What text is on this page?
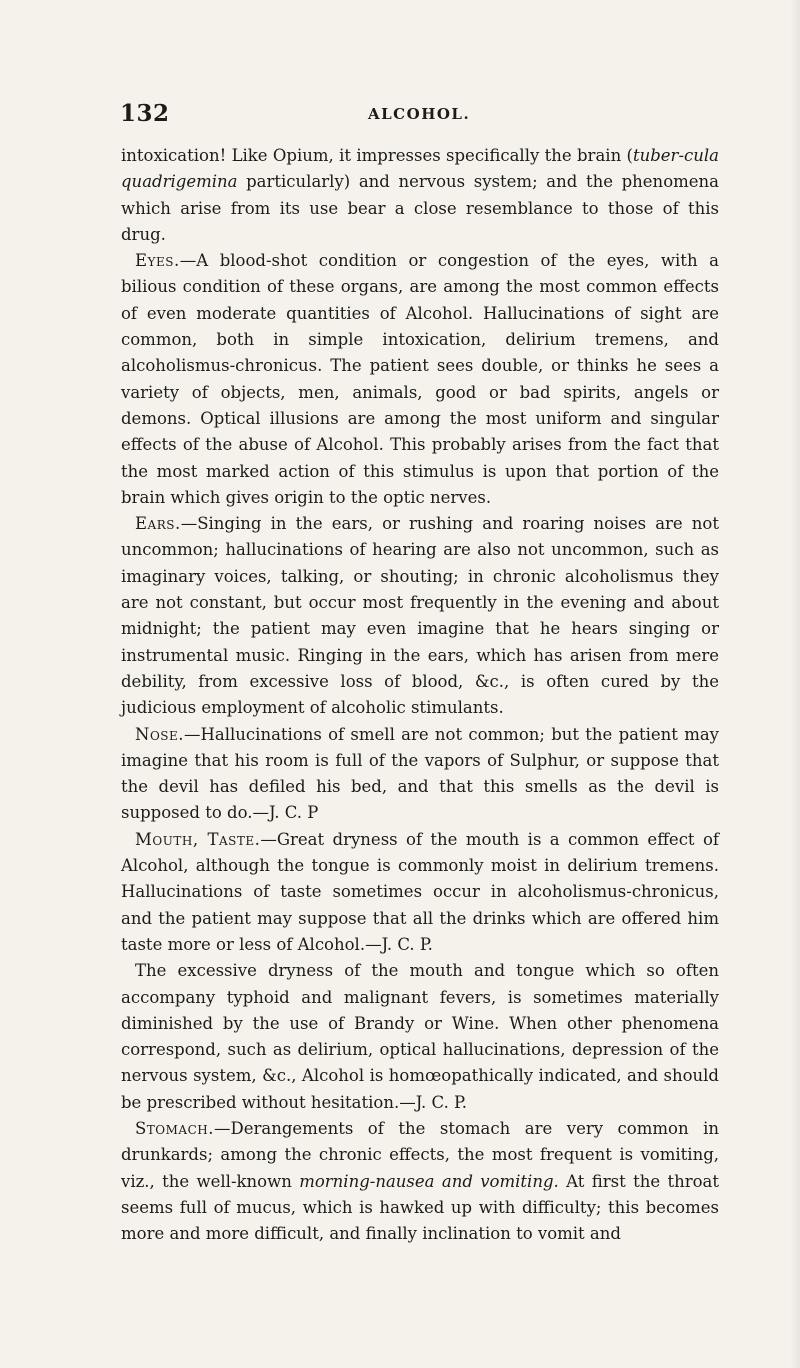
132	ALCOHOL.

intoxication! Like Opium, it impresses specifically the brain (tuber-cula quadrigemina particularly) and nervous system; and the phenomena which arise from its use bear a close resemblance to those of this drug.

Eyes.—A blood-shot condition or congestion of the eyes, with a bilious condition of these organs, are among the most common effects of even moderate quantities of Alcohol. Hallucinations of sight are common, both in simple intoxication, delirium tremens, and alcoholismus-chronicus. The patient sees double, or thinks he sees a variety of objects, men, animals, good or bad spirits, angels or demons. Optical illusions are among the most uniform and singular effects of the abuse of Alcohol. This probably arises from the fact that the most marked action of this stimulus is upon that portion of the brain which gives origin to the optic nerves.

Ears.—Singing in the ears, or rushing and roaring noises are not uncommon; hallucinations of hearing are also not uncommon, such as imaginary voices, talking, or shouting; in chronic alcoholismus they are not constant, but occur most frequently in the evening and about midnight; the patient may even imagine that he hears singing or instrumental music. Ringing in the ears, which has arisen from mere debility, from excessive loss of blood, &c., is often cured by the judicious employment of alcoholic stimulants.

Nose.—Hallucinations of smell are not common; but the patient may imagine that his room is full of the vapors of Sulphur, or suppose that the devil has defiled his bed, and that this smells as the devil is supposed to do.—J. C. P

Mouth, Taste.—Great dryness of the mouth is a common effect of Alcohol, although the tongue is commonly moist in delirium tremens. Hallucinations of taste sometimes occur in alcoholismus-chronicus, and the patient may suppose that all the drinks which are offered him taste more or less of Alcohol.—J. C. P.

The excessive dryness of the mouth and tongue which so often accompany typhoid and malignant fevers, is sometimes materially diminished by the use of Brandy or Wine. When other phenomena correspond, such as delirium, optical hallucinations, depression of the nervous system, &c., Alcohol is homœopathically indicated, and should be prescribed without hesitation.—J. C. P.

Stomach.—Derangements of the stomach are very common in drunkards; among the chronic effects, the most frequent is vomiting, viz., the well-known morning-nausea and vomiting. At first the throat seems full of mucus, which is hawked up with difficulty; this becomes more and more difficult, and finally inclination to vomit and
